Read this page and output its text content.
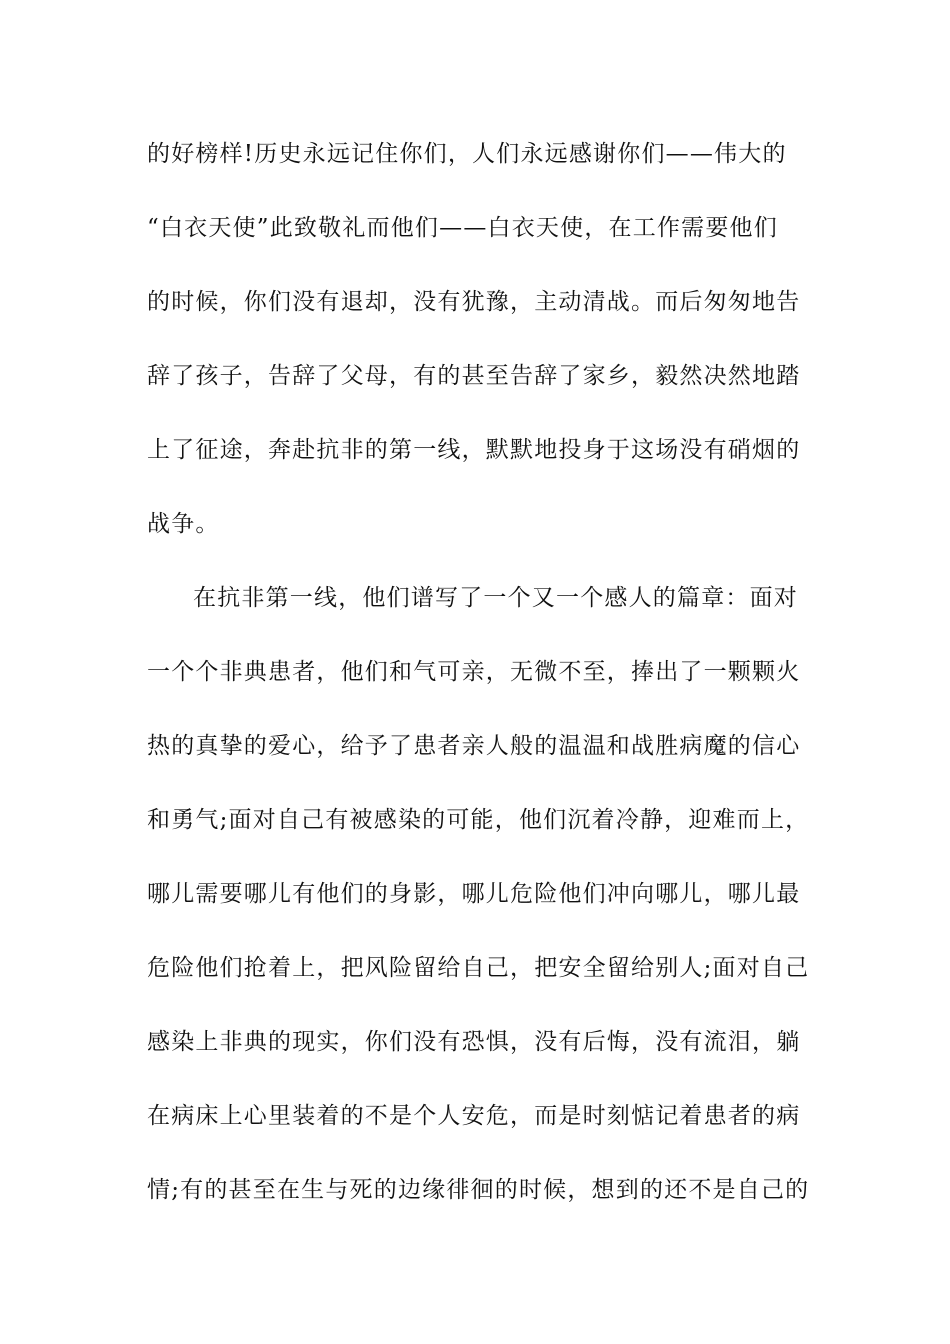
的好榜样!历史永远记住你们，人们永远感谢你们——伟大的
“白衣天使”此致敬礼而他们——白衣天使，在工作需要他们
的时候，你们没有退却，没有犹豫，主动清战。而后匆匆地告
辞了孩子，告辞了父母，有的甚至告辞了家乡，毅然决然地踏
上了征途，奔赴抗非的第一线，默默地投身于这场没有硝烟的
战争。
在抗非第一线，他们谱写了一个又一个感人的篇章：面对
一个个非典患者，他们和气可亲，无微不至，捧出了一颗颗火
热的真挚的爱心，给予了患者亲人般的温温和战胜病魔的信心
和勇气;面对自己有被感染的可能，他们沉着冷静，迎难而上，
哪儿需要哪儿有他们的身影，哪儿危险他们冲向哪儿，哪儿最
危险他们抢着上，把风险留给自己，把安全留给别人;面对自己
感染上非典的现实，你们没有恐惧，没有后悔，没有流泪，躺
在病床上心里装着的不是个人安危，而是时刻惦记着患者的病
情;有的甚至在生与死的边缘徘徊的时候，想到的还不是自己的
